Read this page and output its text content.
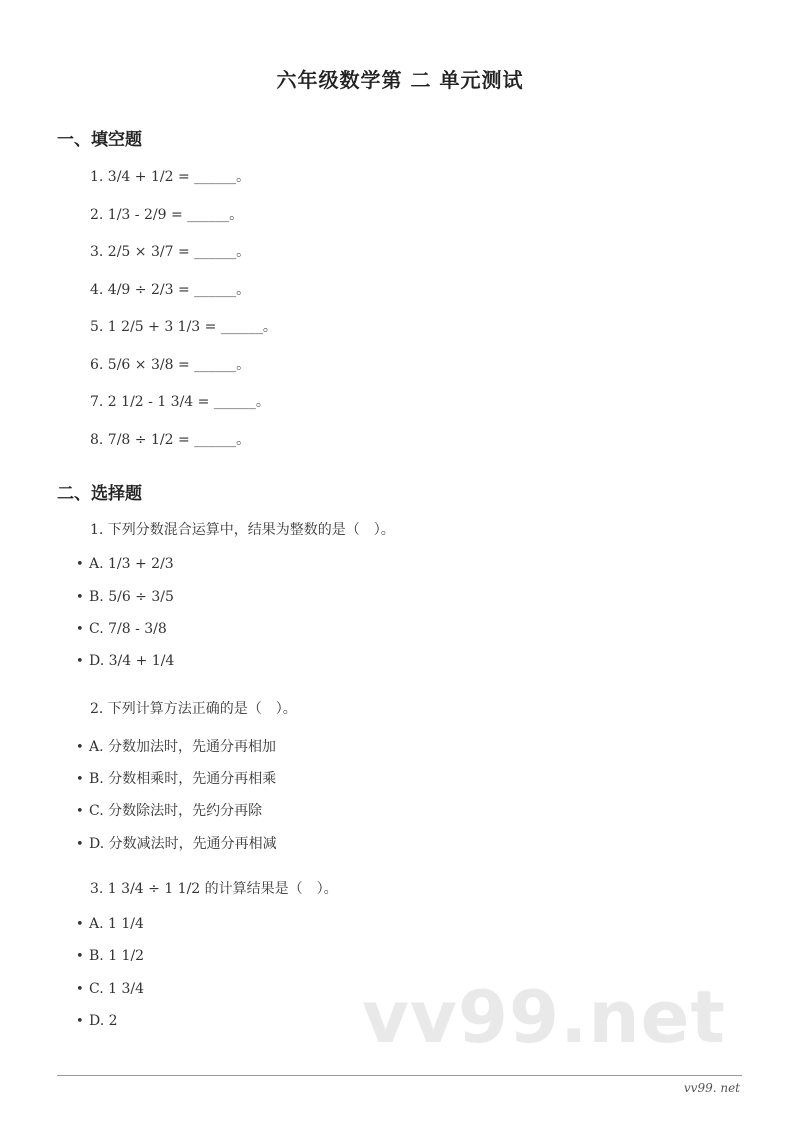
六年级数学第 二 单元测试
一、填空题
1. 3/4 + 1/2 = ______。
2. 1/3 - 2/9 = ______。
3. 2/5 × 3/7 = ______。
4. 4/9 ÷ 2/3 = ______。
5. 1 2/5 + 3 1/3 = ______。
6. 5/6 × 3/8 = ______。
7. 2 1/2 - 1 3/4 = ______。
8. 7/8 ÷ 1/2 = ______。
二、选择题
1. 下列分数混合运算中，结果为整数的是（　）。
• A. 1/3 + 2/3
• B. 5/6 ÷ 3/5
• C. 7/8 - 3/8
• D. 3/4 + 1/4
2. 下列计算方法正确的是（　）。
• A. 分数加法时，先通分再相加
• B. 分数相乘时，先通分再相乘
• C. 分数除法时，先约分再除
• D. 分数减法时，先通分再相减
3. 1 3/4 ÷ 1 1/2 的计算结果是（　）。
• A. 1 1/4
• B. 1 1/2
• C. 1 3/4
• D. 2	vv99.net
vv99. net
